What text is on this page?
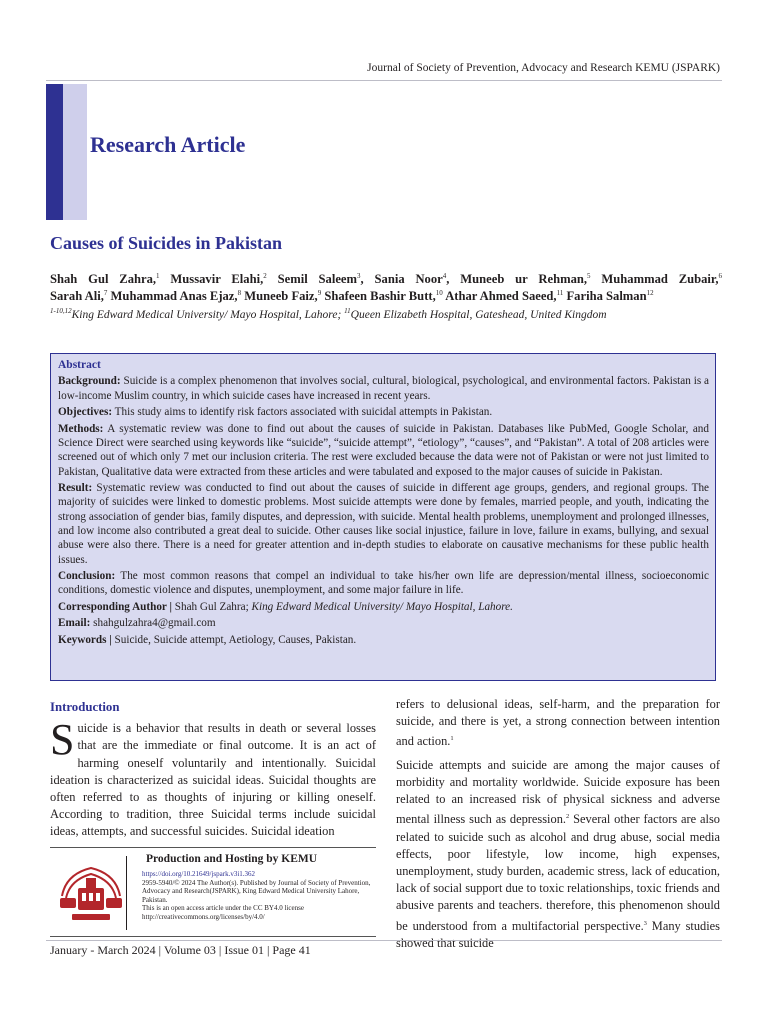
Journal of Society of Prevention, Advocacy and Research KEMU (JSPARK)
Research Article
Causes of Suicides in Pakistan
Shah Gul Zahra,$^1$ Mussavir Elahi,$^2$ Semil Saleem$^3$, Sania Noor$^4$, Muneeb ur Rehman,$^5$ Muhammad Zubair,$^6$
Sarah Ali,$^7$ Muhammad Anas Ejaz,$^8$ Muneeb Faiz,$^9$ Shafeen Bashir Butt,$^{10}$ Athar Ahmed Saeed,$^{11}$ Fariha Salman$^{12}$
$^{1-10,12}$King Edward Medical University/ Mayo Hospital, Lahore; $^{11}$Queen Elizabeth Hospital, Gateshead, United Kingdom

Abstract

Background: Suicide is a complex phenomenon that involves social, cultural, biological, psychological, and environmental factors. Pakistan is a low-income Muslim country, in which suicide cases have increased in recent years.

Objectives: This study aims to identify risk factors associated with suicidal attempts in Pakistan.

Methods: A systematic review was done to find out about the causes of suicide in Pakistan. Databases like PubMed, Google Scholar, and Science Direct were searched using keywords like “suicide”, “suicide attempt”, “etiology”, “causes”, and “Pakistan”. A total of 208 articles were screened out of which only 7 met our inclusion criteria. The rest were excluded because the data were not of Pakistan or were not just limited to Pakistan, Qualitative data were extracted from these articles and were tabulated and exposed to the major causes of suicide in Pakistan.

Result: Systematic review was conducted to find out about the causes of suicide in different age groups, genders, and regional groups. The majority of suicides were linked to domestic problems. Most suicide attempts were done by females, married people, and youth, indicating the strong association of gender bias, family disputes, and depression, with suicide. Mental health problems, unemployment and prolonged illnesses, and low income also contributed a great deal to suicide. Other causes like social injustice, failure in love, failure in exams, bullying, and sexual abuse were also there. There is a need for greater attention and in-depth studies to elaborate on causative mechanisms for these public health issues.

Conclusion: The most common reasons that compel an individual to take his/her own life are depression/mental illness, socioeconomic conditions, domestic violence and disputes, unemployment, and some major failure in life.

Corresponding Author | Shah Gul Zahra; King Edward Medical University/ Mayo Hospital, Lahore.

Email: shahgulzahra4@gmail.com

Keywords | Suicide, Suicide attempt, Aetiology, Causes, Pakistan.

Introduction

Suicide is a behavior that results in death or several losses that are the immediate or final outcome. It is an act of harming oneself voluntarily and intentionally. Suicidal ideation is characterized as suicidal ideas. Suicidal thoughts are often referred to as thoughts of injuring or killing oneself. According to tradition, three Suicidal terms include suicidal ideas, attempts, and successful suicides. Suicidal ideation

Production and Hosting by KEMU
https://doi.org/10.21649/jspark.v3i1.362
2959-5940/© 2024 The Author(s). Published by Journal of Society of Prevention, Advocacy and Research(JSPARK), King Edward Medical University Lahore, Pakistan.
This is an open access article under the CC BY4.0 license
http://creativecommons.org/licenses/by/4.0/

refers to delusional ideas, self-harm, and the preparation for suicide, and there is yet, a strong connection between intention and action.$^1$

Suicide attempts and suicide are among the major causes of morbidity and mortality worldwide. Suicide exposure has been related to an increased risk of physical sickness and adverse mental illness such as depression.$^2$ Several other factors are also related to suicide such as alcohol and drug abuse, social media effects, poor lifestyle, low income, high expenses, unemployment, study burden, academic stress, lack of education, lack of social support due to toxic relationships, toxic friends and abusive parents and teachers. therefore, this phenomenon should be understood from a multifactorial perspective.$^3$ Many studies showed that suicide

January - March 2024 | Volume 03 | Issue 01 | Page 41
